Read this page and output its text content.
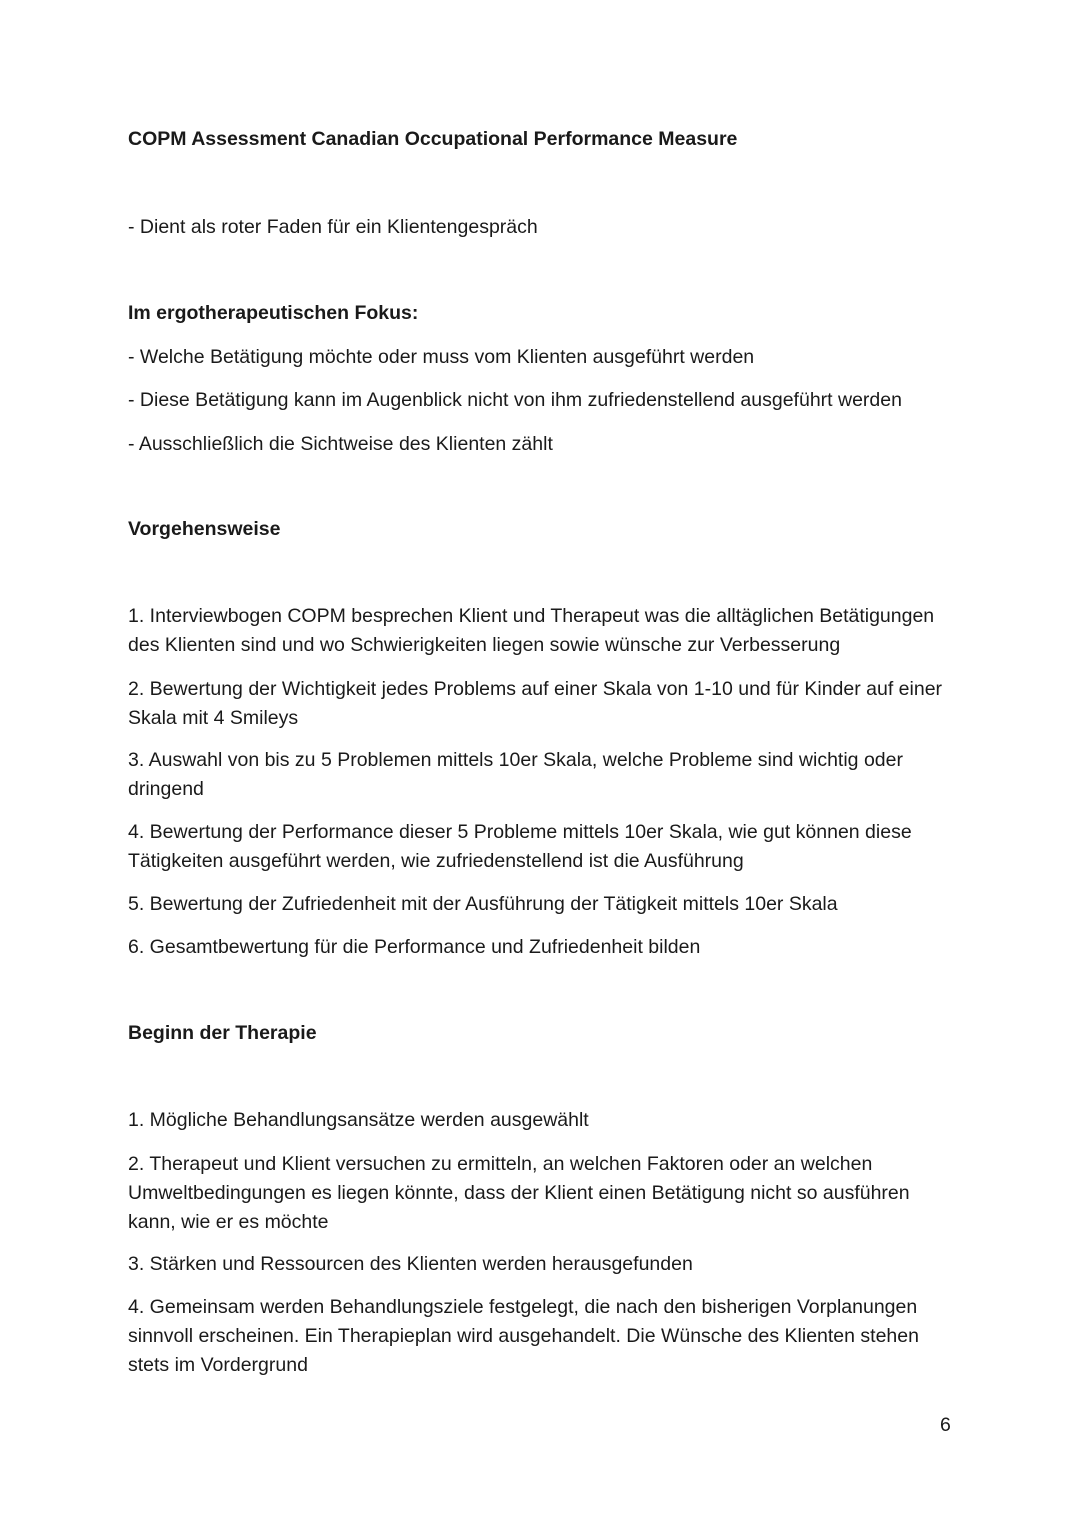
COPM Assessment Canadian Occupational Performance Measure
- Dient als roter Faden für ein Klientengespräch
Im ergotherapeutischen Fokus:
- Welche Betätigung möchte oder muss vom Klienten ausgeführt werden
- Diese Betätigung kann im Augenblick nicht von ihm zufriedenstellend ausgeführt werden
- Ausschließlich die Sichtweise des Klienten zählt
Vorgehensweise
1. Interviewbogen COPM besprechen Klient und Therapeut was die alltäglichen Betätigungen des Klienten sind und wo Schwierigkeiten liegen sowie wünsche zur Verbesserung
2. Bewertung der Wichtigkeit jedes Problems auf einer Skala von 1-10 und für Kinder auf einer Skala mit 4 Smileys
3. Auswahl von bis zu 5 Problemen mittels 10er Skala, welche Probleme sind wichtig oder dringend
4. Bewertung der Performance dieser 5 Probleme mittels 10er Skala, wie gut können diese Tätigkeiten ausgeführt werden, wie zufriedenstellend ist die Ausführung
5. Bewertung der Zufriedenheit mit der Ausführung der Tätigkeit mittels 10er Skala
6. Gesamtbewertung für die Performance und Zufriedenheit bilden
Beginn der Therapie
1. Mögliche Behandlungsansätze werden ausgewählt
2. Therapeut und Klient versuchen zu ermitteln, an welchen Faktoren oder an welchen Umweltbedingungen es liegen könnte, dass der Klient einen Betätigung nicht so ausführen kann, wie er es möchte
3. Stärken und Ressourcen des Klienten werden herausgefunden
4. Gemeinsam werden Behandlungsziele festgelegt, die nach den bisherigen Vorplanungen sinnvoll erscheinen. Ein Therapieplan wird ausgehandelt. Die Wünsche des Klienten stehen stets im Vordergrund
6
